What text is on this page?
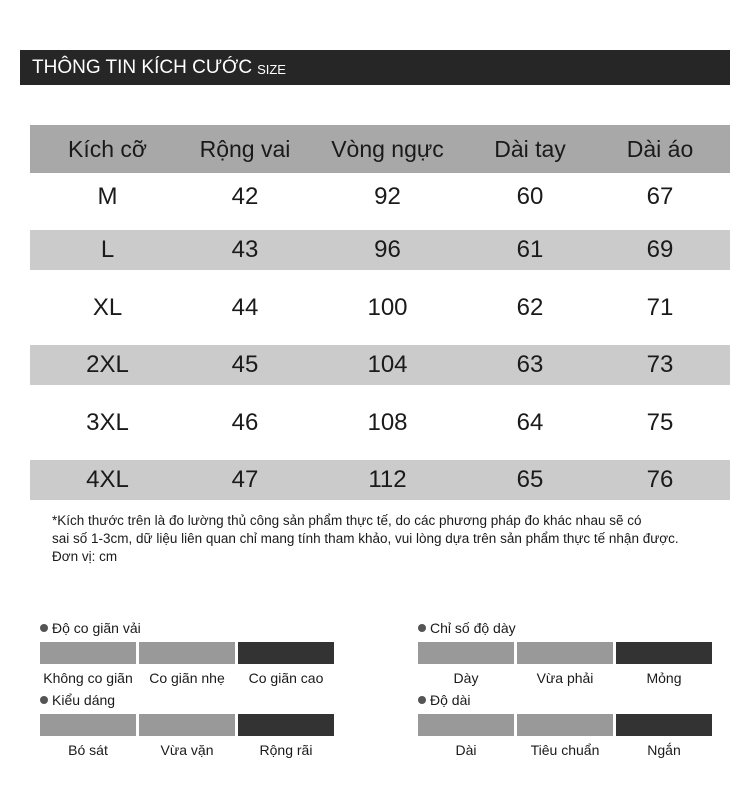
THÔNG TIN KÍCH CƯỚC SIZE
Kích cỡ	Rộng vai	Vòng ngực	Dài tay	Dài áo
M	42	92	60	67
L	43	96	61	69
XL	44	100	62	71
2XL	45	104	63	73
3XL	46	108	64	75
4XL	47	112	65	76

*Kích thước trên là đo lường thủ công sản phẩm thực tế, do các phương pháp đo khác nhau sẽ có

sai số 1-3cm, dữ liệu liên quan chỉ mang tính tham khảo, vui lòng dựa trên sản phẩm thực tế nhận được.

Đơn vị: cm

Độ co giãn vải
Không co giãn	Co giãn nhẹ	Co giãn cao
Kiểu dáng
Bó sát	Vừa vặn	Rộng rãi
Chỉ số độ dày
Dày	Vừa phải	Mỏng
Độ dài
Dài	Tiêu chuẩn	Ngắn
